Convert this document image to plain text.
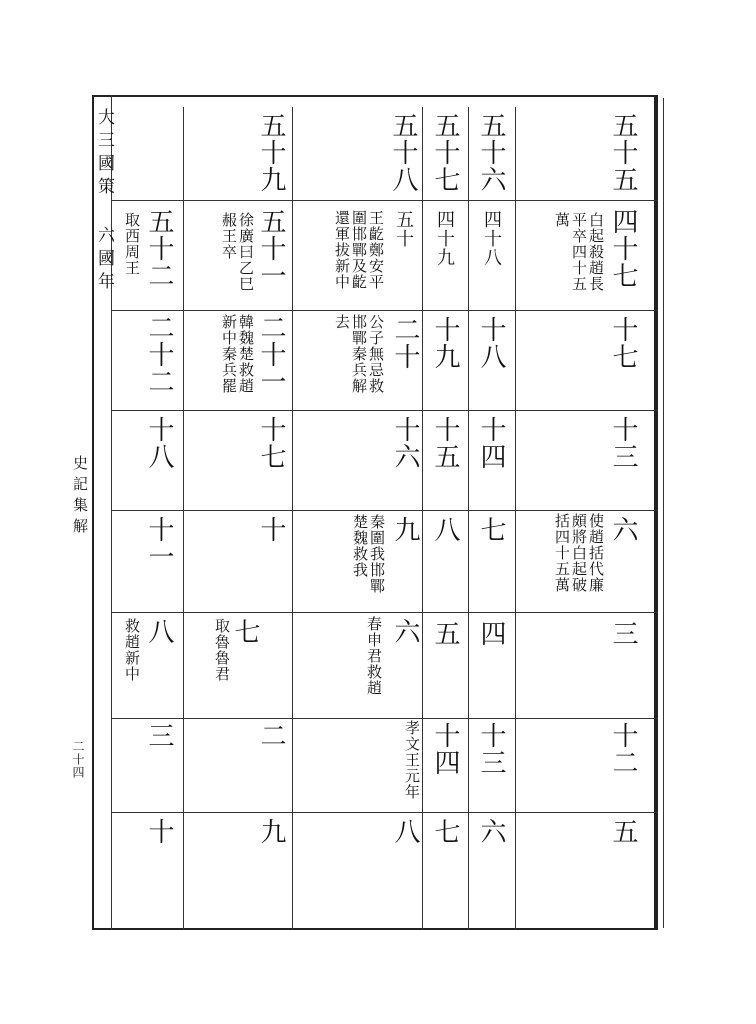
大三國策 六國年
史記集解
二十四
五十五
四十七
白起殺趙長平卒四十五萬
十七
十三
六
使趙括代廉頗將白起破括四十五萬
三
十二
五
五十六
四十八
十八
十四
七
四
十三
六
五十七
四十九
十九
十五
八
五
十四
七
五十八
五十
王齕鄭安平圍邯鄲及齕還軍拔新中
二十
公子無忌救邯鄲秦兵解去
十六
九
秦圍我邯鄲楚魏救我
六
春申君救趙
孝文王元年
八
五十九
五十一
徐廣曰乙巳赧王卒
二十一
韓魏楚救趙新中秦兵罷
十七
十
七
取魯魯君
二
九
五十二
取西周王
二十二
十八
十一
八
救趙新中
三
十
